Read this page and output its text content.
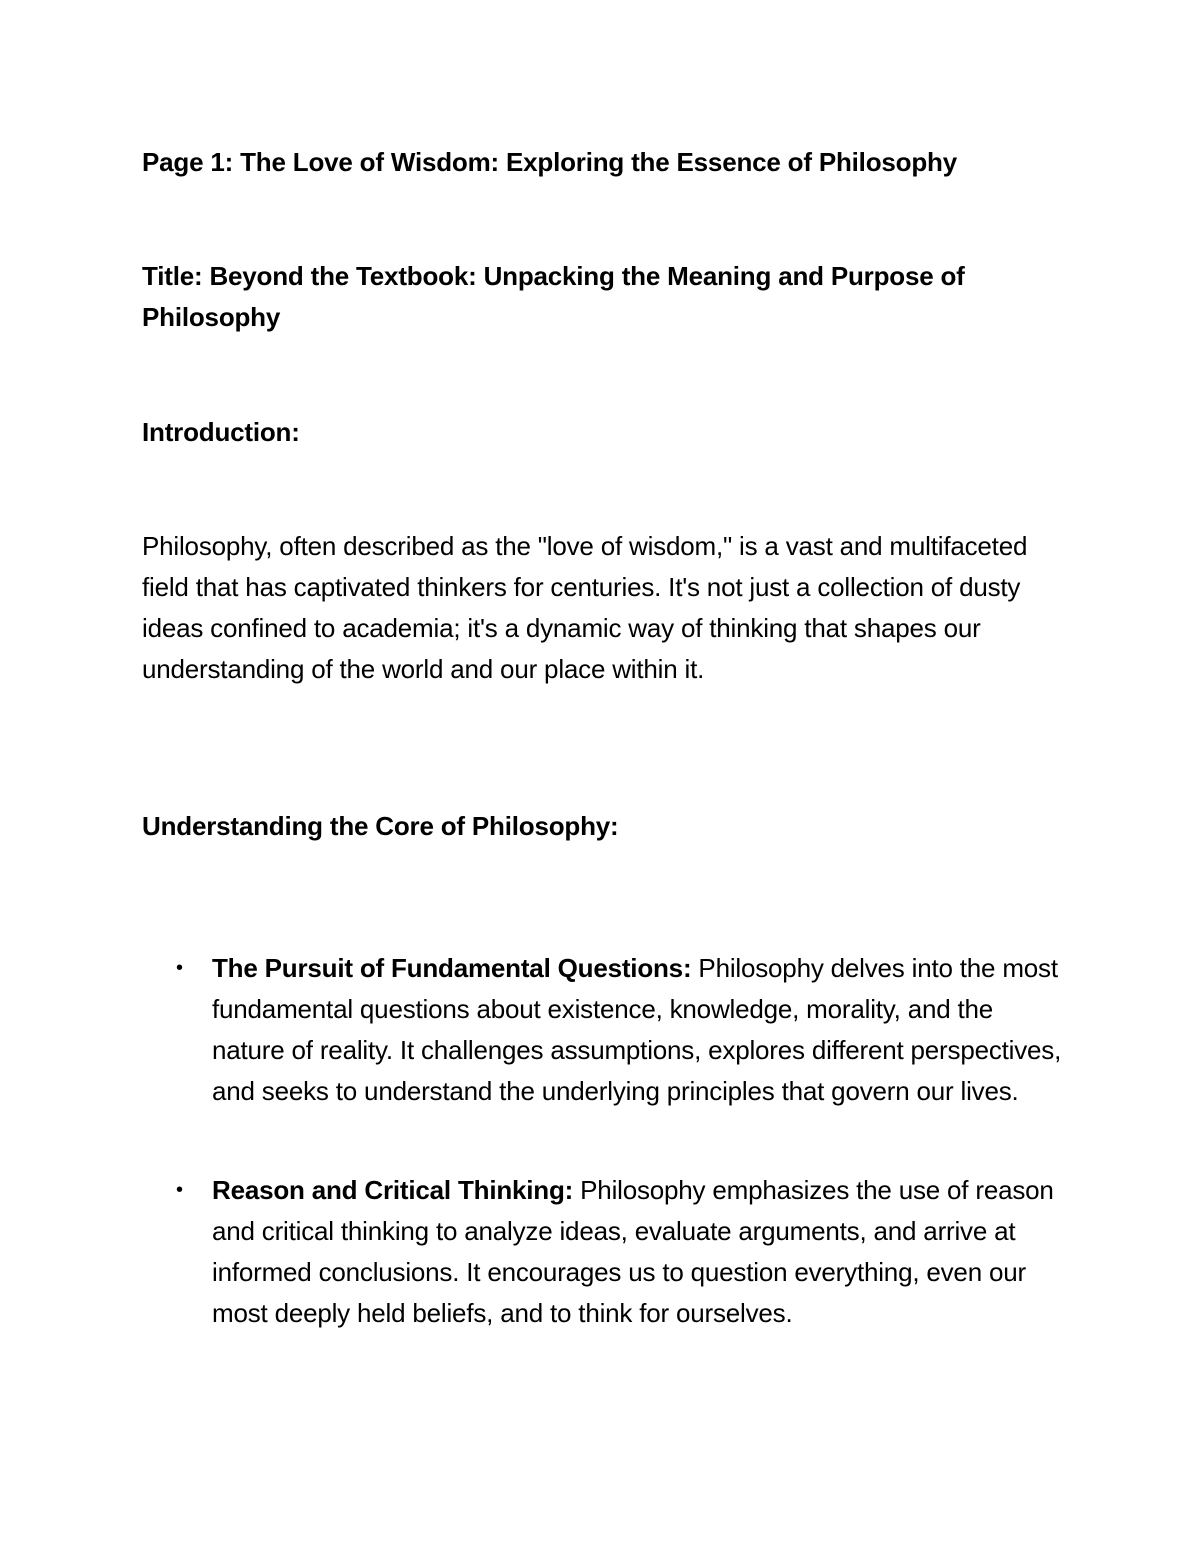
Page 1: The Love of Wisdom: Exploring the Essence of Philosophy

Title: Beyond the Textbook: Unpacking the Meaning and Purpose of Philosophy

Introduction:

Philosophy, often described as the "love of wisdom," is a vast and multifaceted field that has captivated thinkers for centuries. It's not just a collection of dusty ideas confined to academia; it's a dynamic way of thinking that shapes our understanding of the world and our place within it.

Understanding the Core of Philosophy:

• The Pursuit of Fundamental Questions: Philosophy delves into the most fundamental questions about existence, knowledge, morality, and the nature of reality. It challenges assumptions, explores different perspectives, and seeks to understand the underlying principles that govern our lives.
• Reason and Critical Thinking: Philosophy emphasizes the use of reason and critical thinking to analyze ideas, evaluate arguments, and arrive at informed conclusions. It encourages us to question everything, even our most deeply held beliefs, and to think for ourselves.
